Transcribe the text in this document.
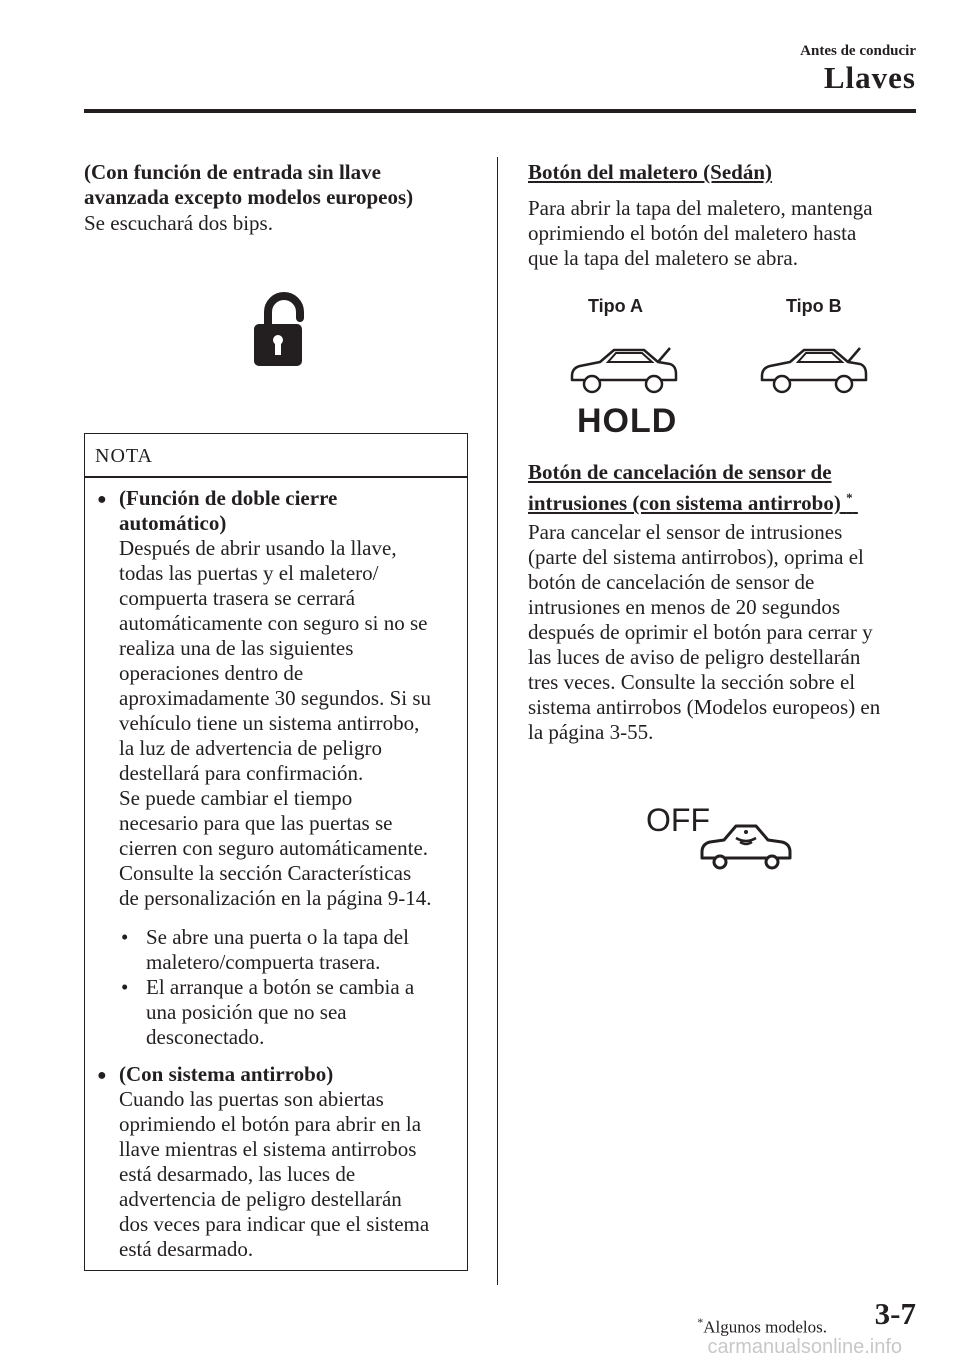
Antes de conducir
Llaves
(Con función de entrada sin llave
avanzada excepto modelos europeos)
Se escuchará dos bips.
NOTA
● (Función de doble cierre
automático)
Después de abrir usando la llave,
todas las puertas y el maletero/
compuerta trasera se cerrará
automáticamente con seguro si no se
realiza una de las siguientes
operaciones dentro de
aproximadamente 30 segundos. Si su
vehículo tiene un sistema antirrobo,
la luz de advertencia de peligro
destellará para confirmación.
Se puede cambiar el tiempo
necesario para que las puertas se
cierren con seguro automáticamente.
Consulte la sección Características
de personalización en la página 9-14.
• Se abre una puerta o la tapa del
maletero/compuerta trasera.
• El arranque a botón se cambia a
una posición que no sea
desconectado.
● (Con sistema antirrobo)
Cuando las puertas son abiertas
oprimiendo el botón para abrir en la
llave mientras el sistema antirrobos
está desarmado, las luces de
advertencia de peligro destellarán
dos veces para indicar que el sistema
está desarmado.
Botón del maletero (Sedán)
Para abrir la tapa del maletero, mantenga
oprimiendo el botón del maletero hasta
que la tapa del maletero se abra.
Tipo A	Tipo B
HOLD
Botón de cancelación de sensor de
intrusiones (con sistema antirrobo) *
Para cancelar el sensor de intrusiones
(parte del sistema antirrobos), oprima el
botón de cancelación de sensor de
intrusiones en menos de 20 segundos
después de oprimir el botón para cerrar y
las luces de aviso de peligro destellarán
tres veces. Consulte la sección sobre el
sistema antirrobos (Modelos europeos) en
la página 3-55.
OFF
*Algunos modelos. 3-7
carmanualsonline.info
